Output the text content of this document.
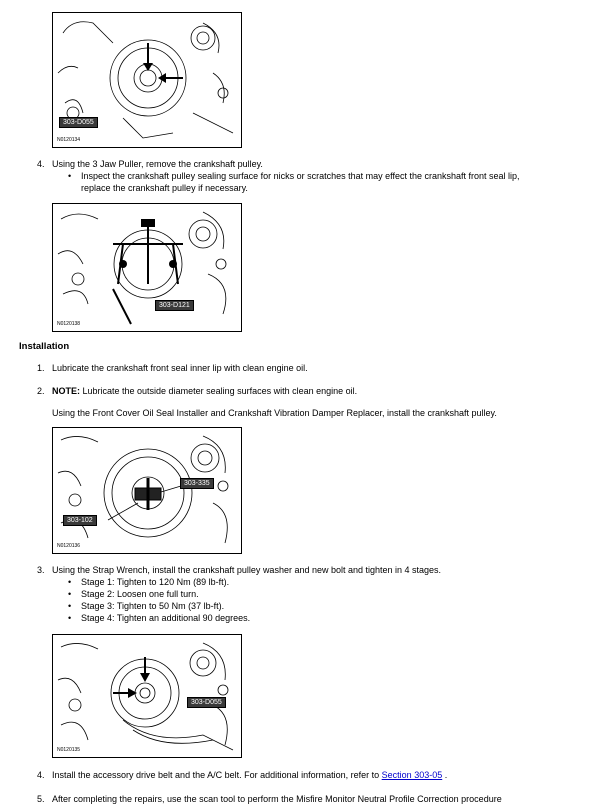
303-D055
N0120134
4. Using the 3 Jaw Puller, remove the crankshaft pulley.
• Inspect the crankshaft pulley sealing surface for nicks or scratches that may effect the crankshaft front seal lip,
replace the crankshaft pulley if necessary.
303-D121
N0120138
Installation
1. Lubricate the crankshaft front seal inner lip with clean engine oil.
2. NOTE: Lubricate the outside diameter sealing surfaces with clean engine oil.
Using the Front Cover Oil Seal Installer and Crankshaft Vibration Damper Replacer, install the crankshaft pulley.
303-335
303-102
N0120136
3. Using the Strap Wrench, install the crankshaft pulley washer and new bolt and tighten in 4 stages.
• Stage 1: Tighten to 120 Nm (89 lb-ft).
• Stage 2: Loosen one full turn.
• Stage 3: Tighten to 50 Nm (37 lb-ft).
• Stage 4: Tighten an additional 90 degrees.
303-D055
N0120135
4. Install the accessory drive belt and the A/C belt. For additional information, refer to Section 303-05 .
5. After completing the repairs, use the scan tool to perform the Misfire Monitor Neutral Profile Correction procedure
